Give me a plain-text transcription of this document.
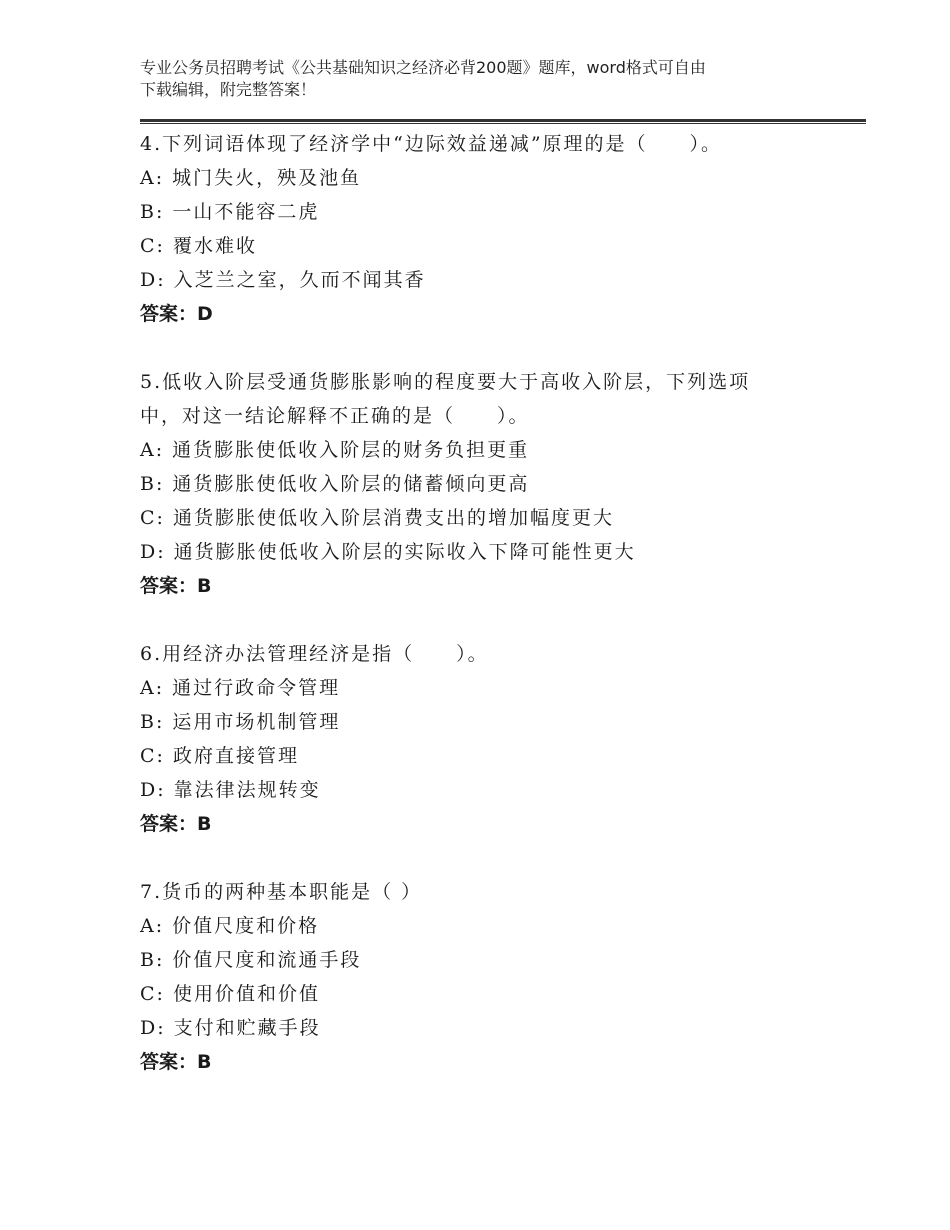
专业公务员招聘考试《公共基础知识之经济必背200题》题库，word格式可自由
下载编辑，附完整答案！
4.下列词语体现了经济学中“边际效益递减”原理的是（　　）。
A: 城门失火，殃及池鱼
B: 一山不能容二虎
C: 覆水难收
D: 入芝兰之室，久而不闻其香
答案：D
5.低收入阶层受通货膨胀影响的程度要大于高收入阶层，下列选项
中，对这一结论解释不正确的是（　　）。
A: 通货膨胀使低收入阶层的财务负担更重
B: 通货膨胀使低收入阶层的储蓄倾向更高
C: 通货膨胀使低收入阶层消费支出的增加幅度更大
D: 通货膨胀使低收入阶层的实际收入下降可能性更大
答案：B
6.用经济办法管理经济是指（　　）。
A: 通过行政命令管理
B: 运用市场机制管理
C: 政府直接管理
D: 靠法律法规转变
答案：B
7.货币的两种基本职能是（ ）
A: 价值尺度和价格
B: 价值尺度和流通手段
C: 使用价值和价值
D: 支付和贮藏手段
答案：B
